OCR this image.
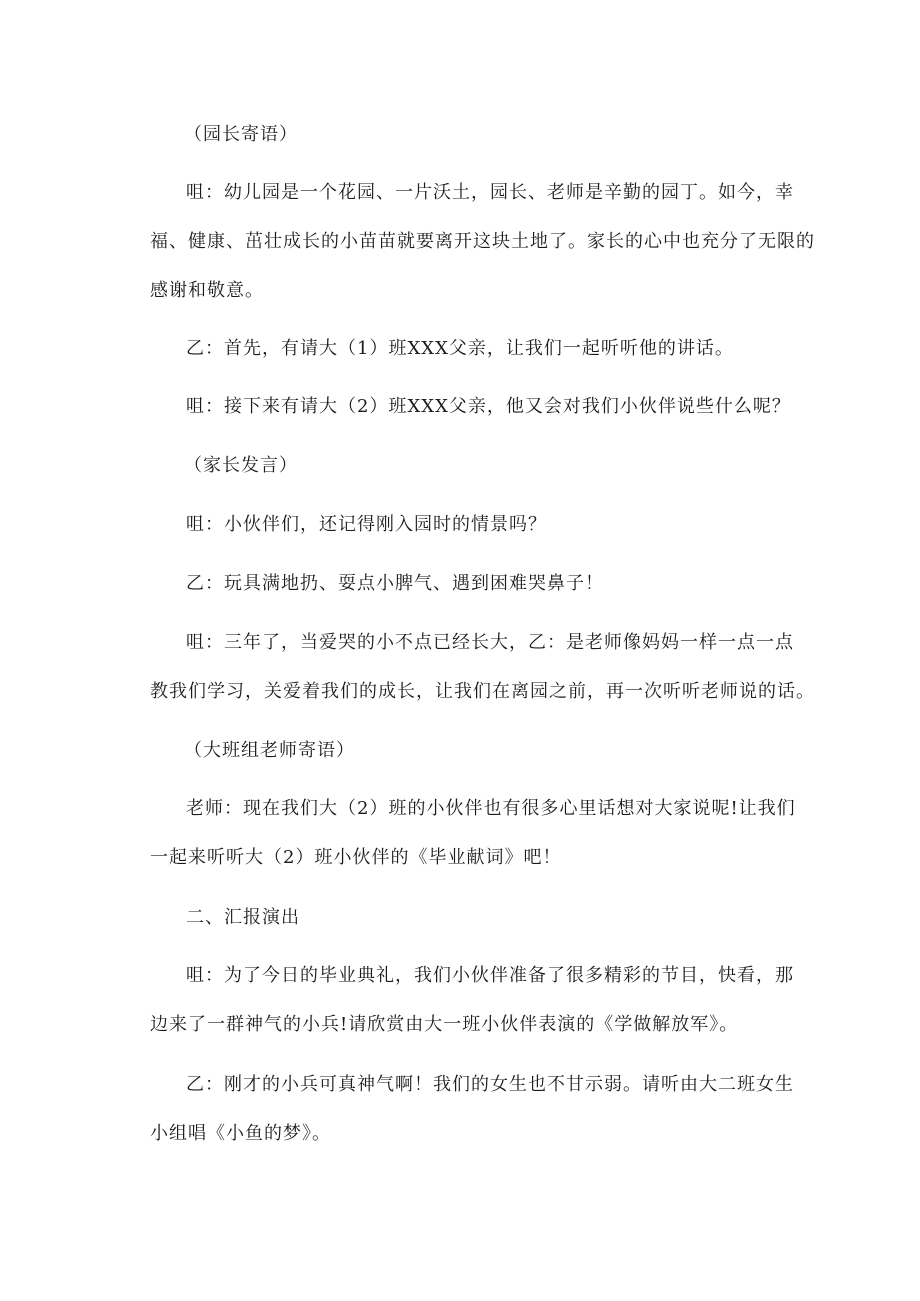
（园长寄语）

咀：幼儿园是一个花园、一片沃土，园长、老师是辛勤的园丁。如今，幸
福、健康、茁壮成长的小苗苗就要离开这块土地了。家长的心中也充分了无限的
感谢和敬意。

乙：首先，有请大（1）班XXX父亲，让我们一起听听他的讲话。

咀：接下来有请大（2）班XXX父亲，他又会对我们小伙伴说些什么呢？

（家长发言）

咀：小伙伴们，还记得刚入园时的情景吗？

乙：玩具满地扔、耍点小脾气、遇到困难哭鼻子！

咀：三年了，当爱哭的小不点已经长大，乙：是老师像妈妈一样一点一点
教我们学习，关爱着我们的成长，让我们在离园之前，再一次听听老师说的话。

（大班组老师寄语）

老师：现在我们大（2）班的小伙伴也有很多心里话想对大家说呢!让我们
一起来听听大（2）班小伙伴的《毕业献词》吧！

二、汇报演出

咀：为了今日的毕业典礼，我们小伙伴准备了很多精彩的节目，快看，那
边来了一群神气的小兵!请欣赏由大一班小伙伴表演的《学做解放军》。

乙：刚才的小兵可真神气啊！我们的女生也不甘示弱。请听由大二班女生
小组唱《小鱼的梦》。
